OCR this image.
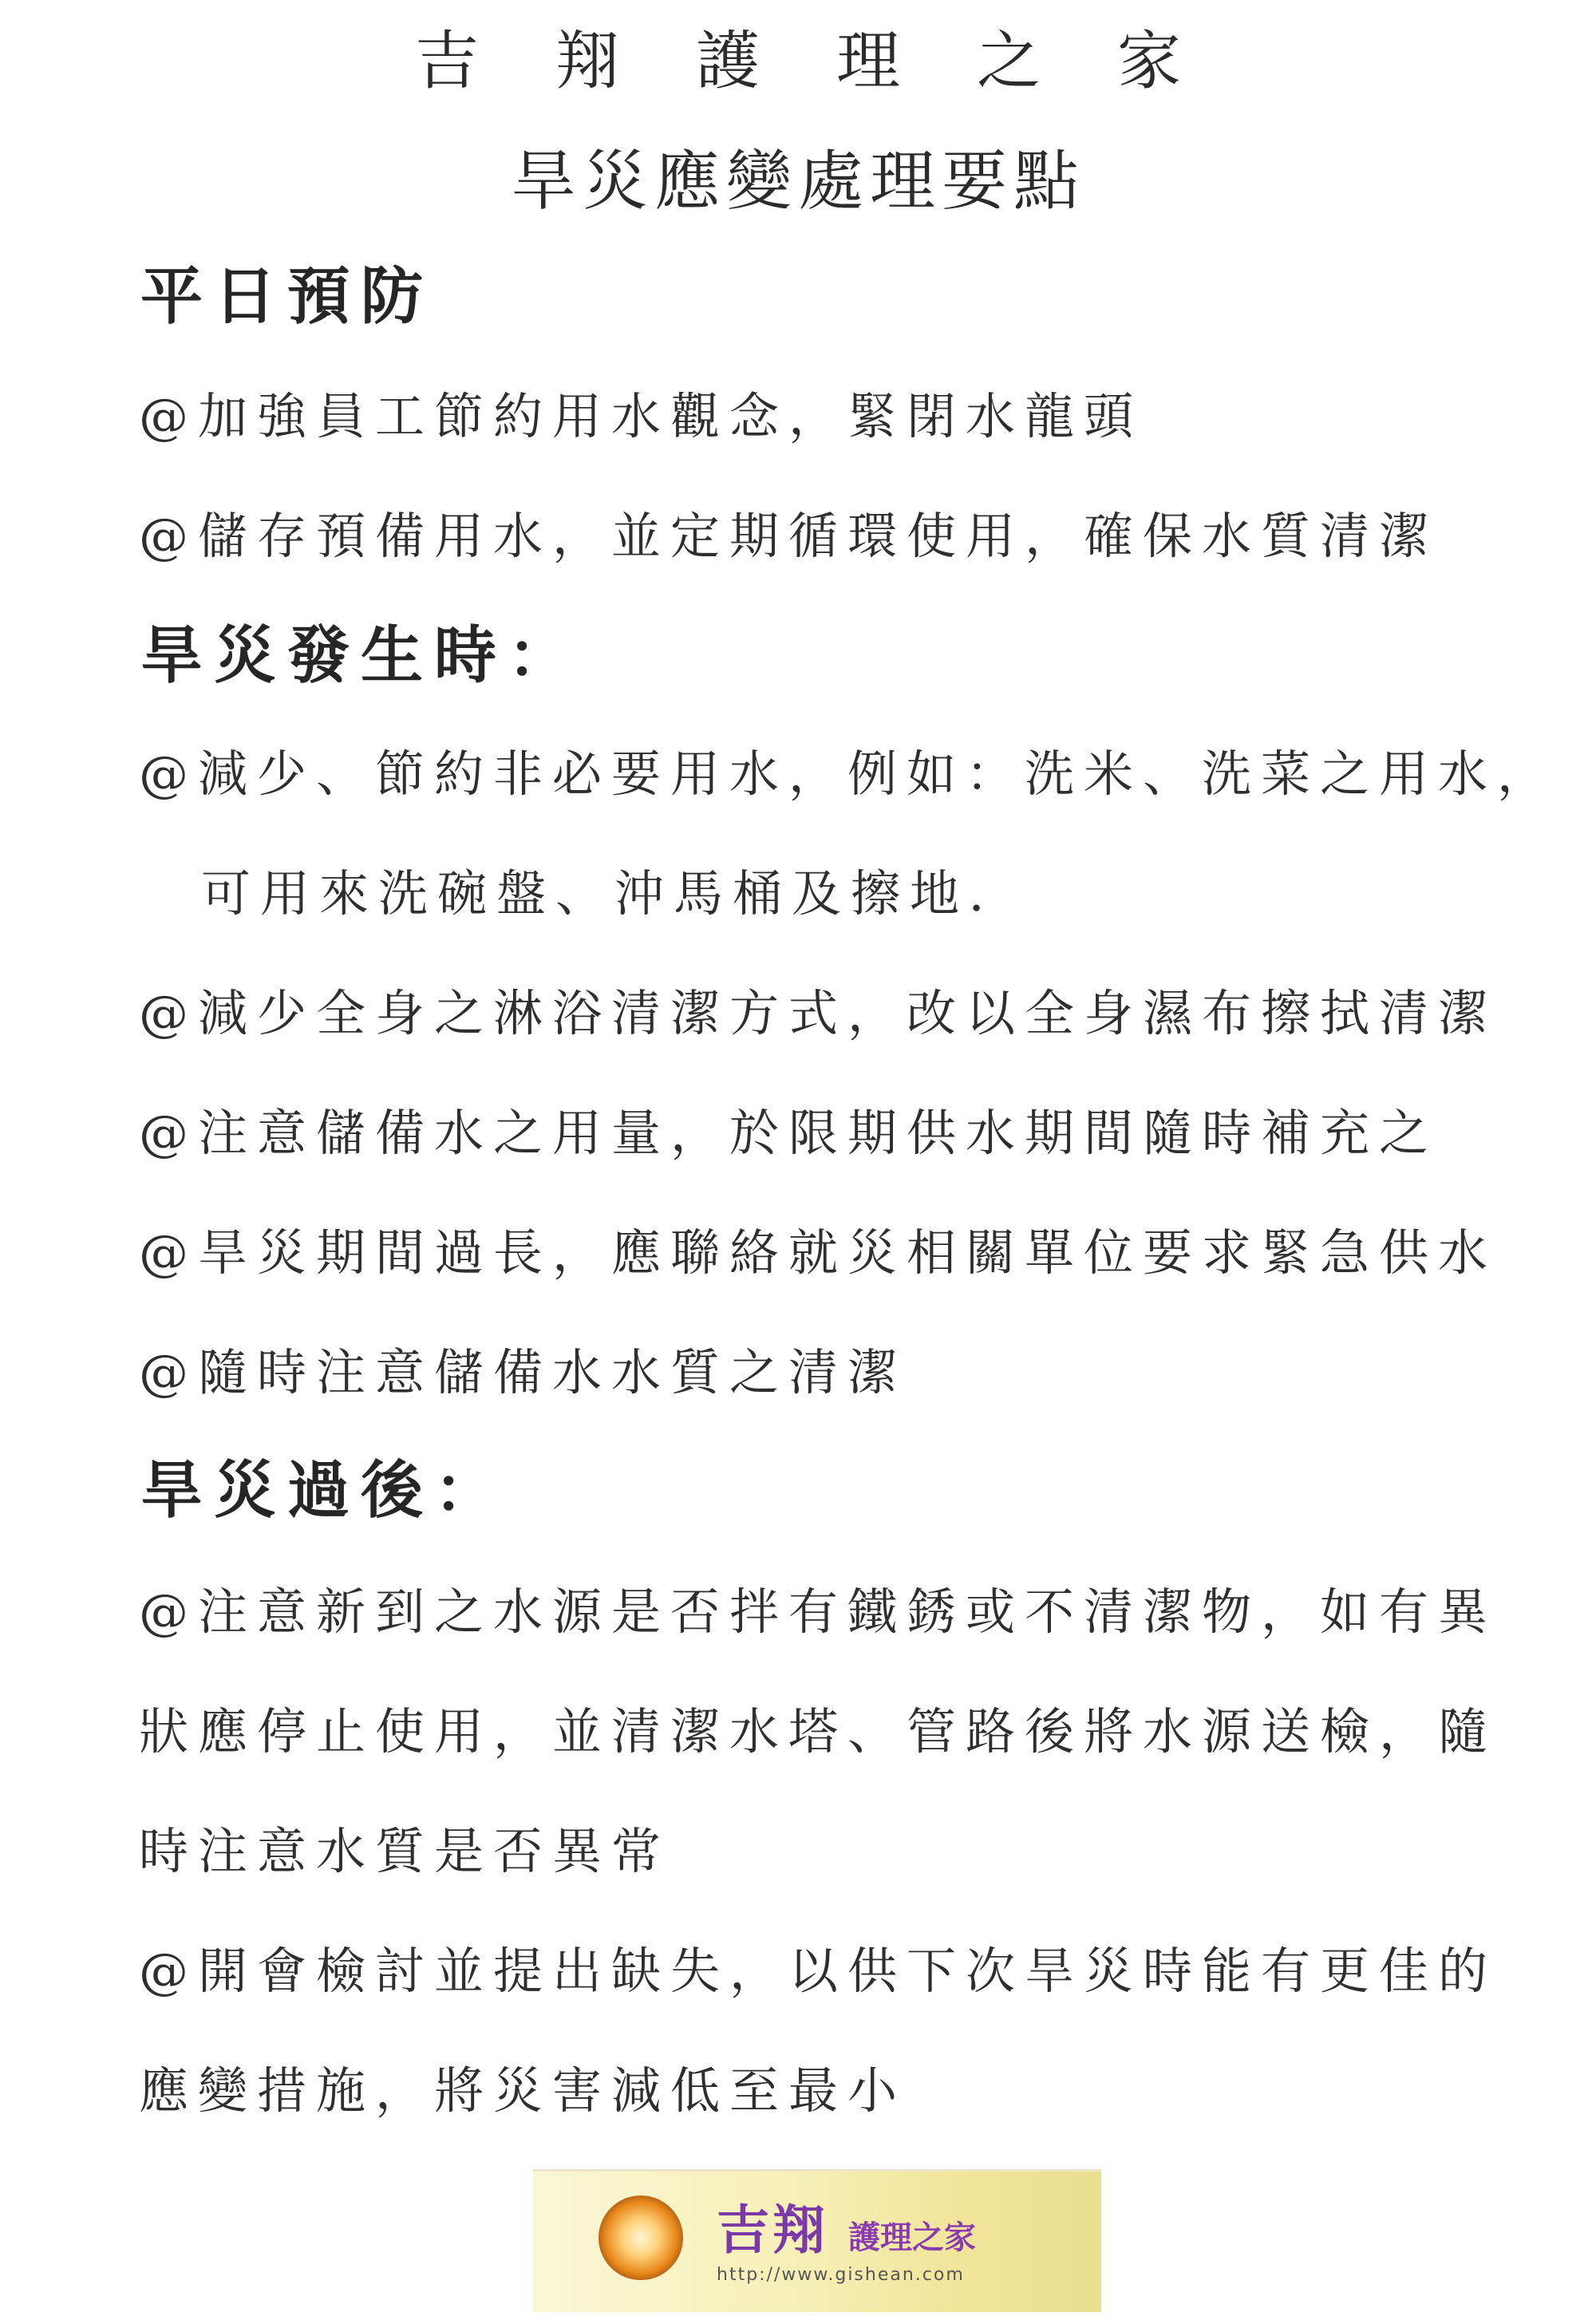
吉翔護理之家
旱災應變處理要點
平日預防
@加強員工節約用水觀念，緊閉水龍頭
@儲存預備用水，並定期循環使用，確保水質清潔
旱災發生時：
@減少、節約非必要用水，例如：洗米、洗菜之用水，
可用來洗碗盤、沖馬桶及擦地．
@減少全身之淋浴清潔方式，改以全身濕布擦拭清潔
@注意儲備水之用量，於限期供水期間隨時補充之
@旱災期間過長，應聯絡就災相關單位要求緊急供水
@隨時注意儲備水水質之清潔
旱災過後：
@注意新到之水源是否拌有鐵銹或不清潔物，如有異
狀應停止使用，並清潔水塔、管路後將水源送檢，隨
時注意水質是否異常
@開會檢討並提出缺失，以供下次旱災時能有更佳的
應變措施，將災害減低至最小
吉翔 護理之家
http://www.gishean.com
